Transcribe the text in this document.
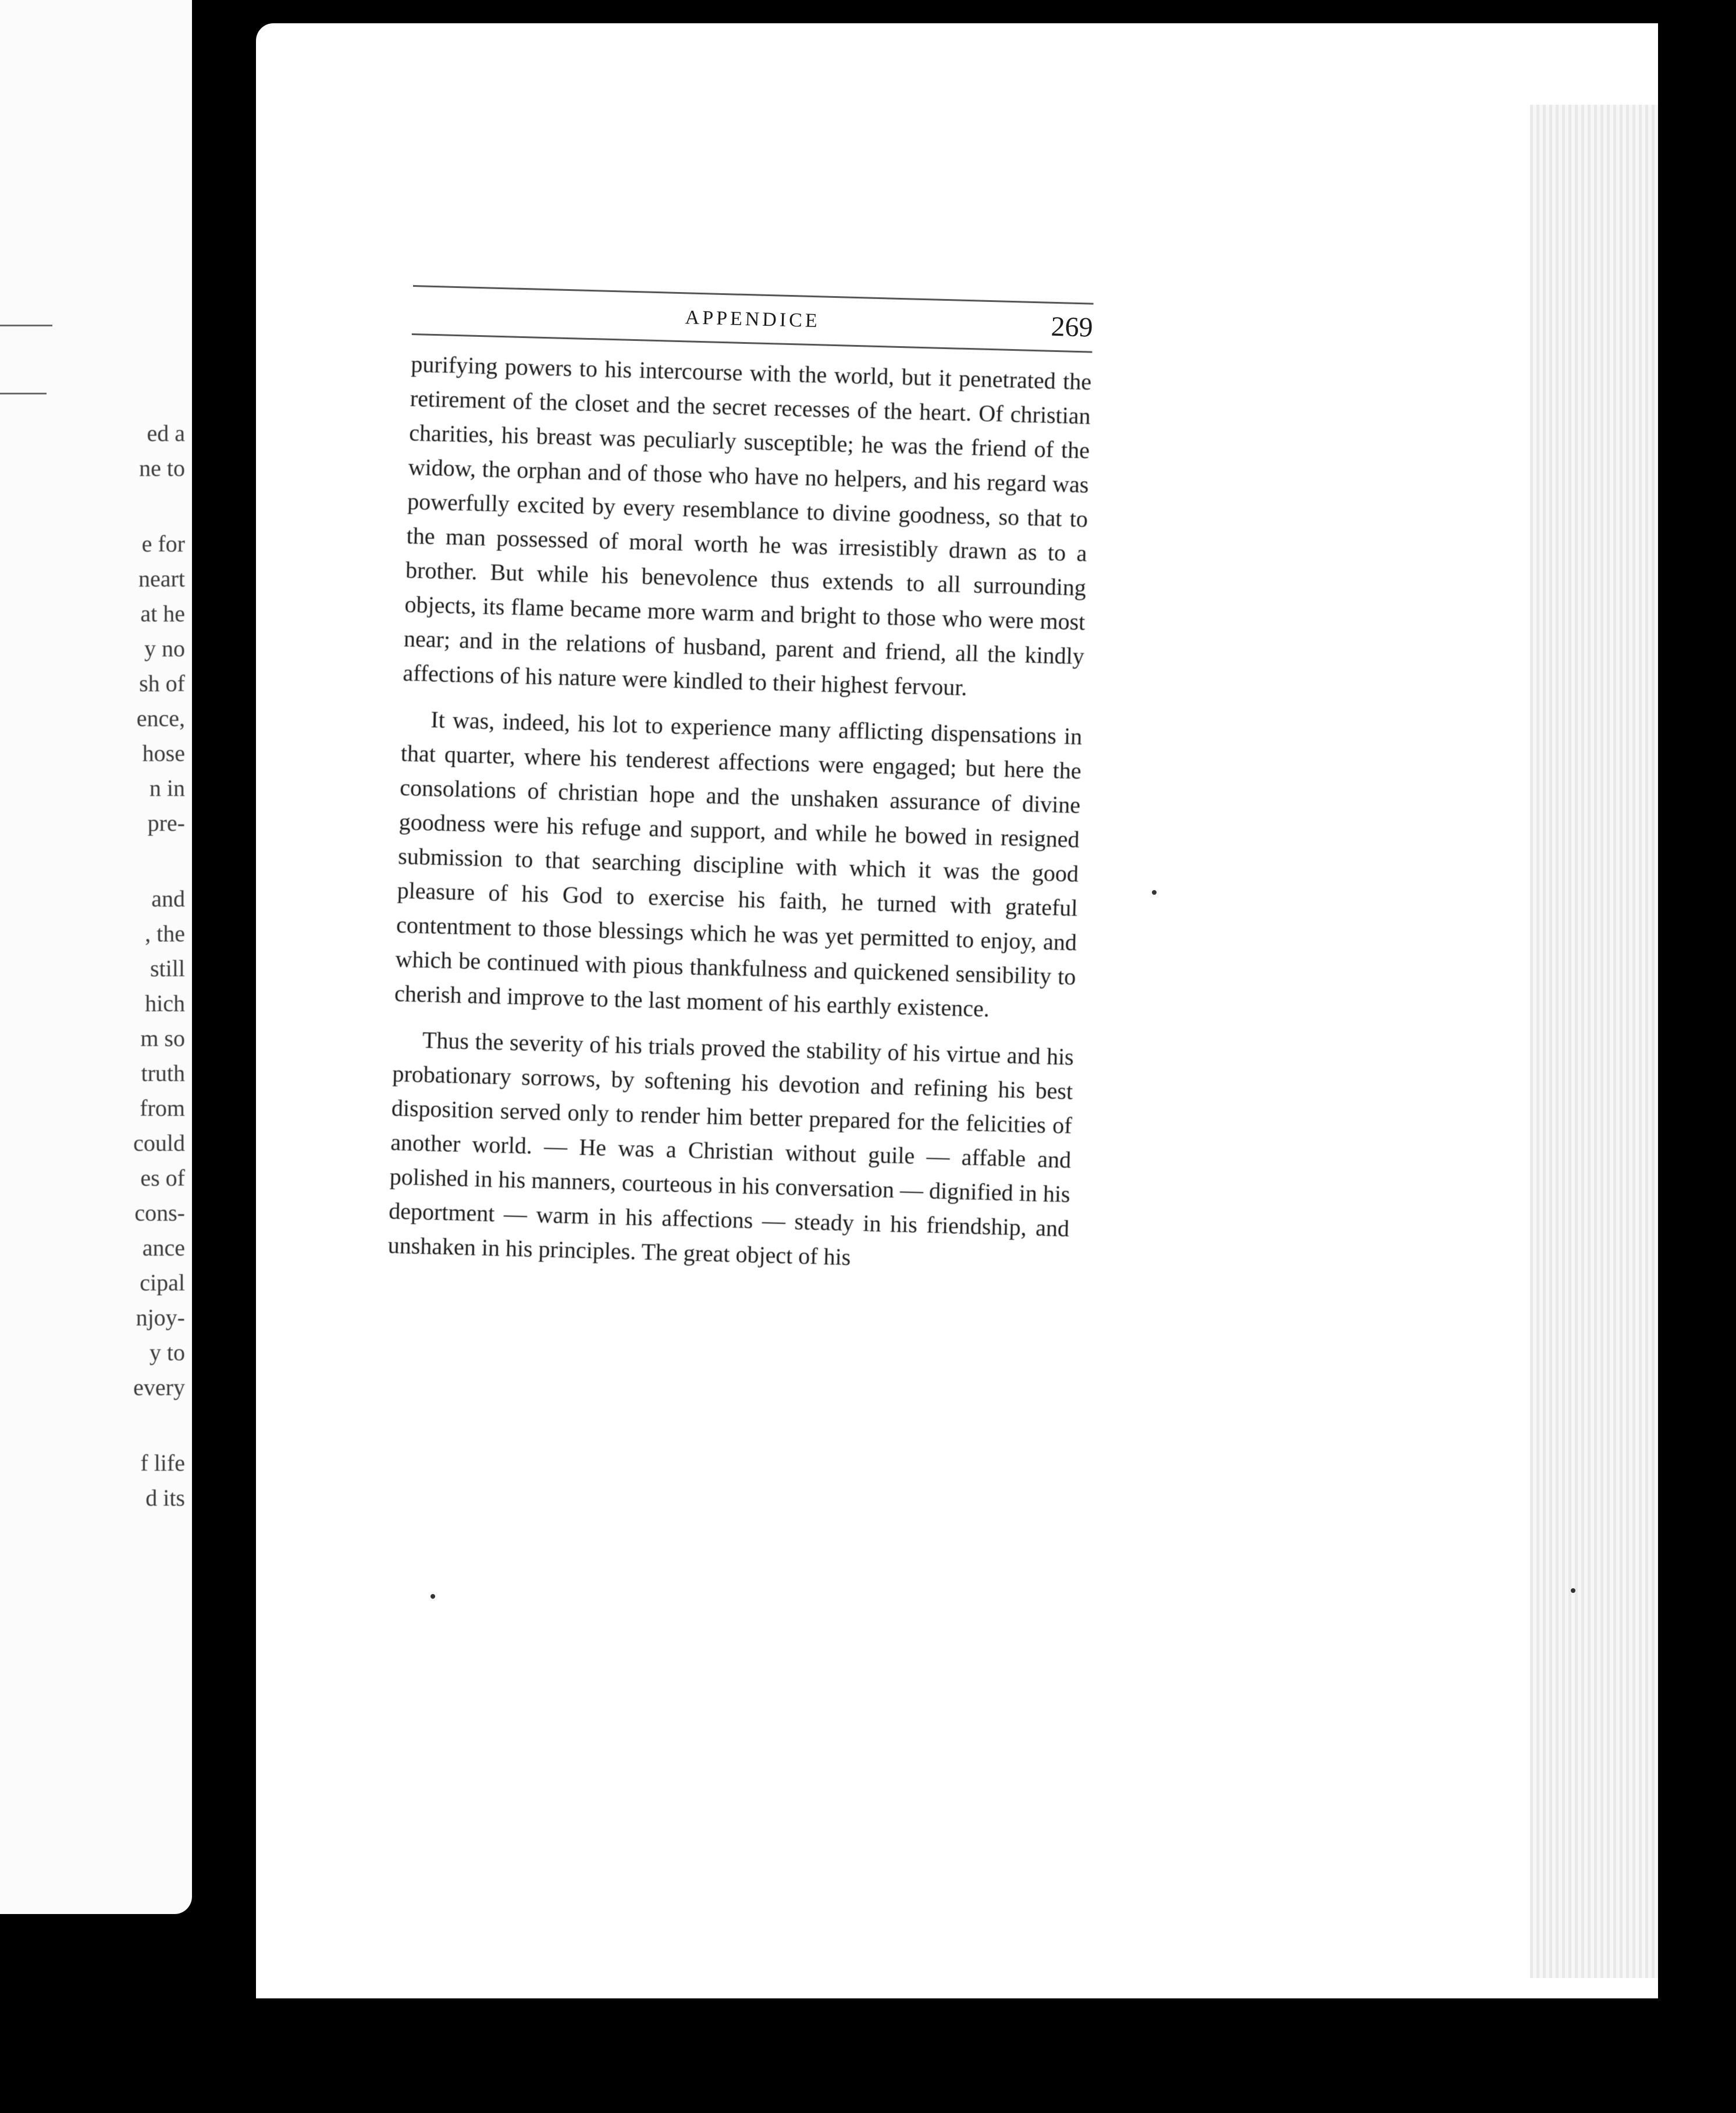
ed a
ne to
e for
neart
at he
y no
sh of
ence,
hose
n in
pre-
and
, the
still
hich
m so
truth
from
could
es of
cons-
ance
cipal
njoy-
y to
every
f life
d its
APPENDICE	269

purifying powers to his intercourse with the world, but it penetrated the retirement of the closet and the secret recesses of the heart. Of christian charities, his breast was peculiarly susceptible; he was the friend of the widow, the orphan and of those who have no helpers, and his regard was powerfully excited by every resemblance to divine goodness, so that to the man possessed of moral worth he was irresistibly drawn as to a brother. But while his benevolence thus extends to all surrounding objects, its flame became more warm and bright to those who were most near; and in the relations of husband, parent and friend, all the kindly affections of his nature were kindled to their highest fervour.

It was, indeed, his lot to experience many afflicting dispensations in that quarter, where his tenderest affections were engaged; but here the consolations of christian hope and the unshaken assurance of divine goodness were his refuge and support, and while he bowed in resigned submission to that searching discipline with which it was the good pleasure of his God to exercise his faith, he turned with grateful contentment to those blessings which he was yet permitted to enjoy, and which be continued with pious thankfulness and quickened sensibility to cherish and improve to the last moment of his earthly existence.

Thus the severity of his trials proved the stability of his virtue and his probationary sorrows, by softening his devotion and refining his best disposition served only to render him better prepared for the felicities of another world. — He was a Christian without guile — affable and polished in his manners, courteous in his conversation — dignified in his deportment — warm in his affections — steady in his friendship, and unshaken in his principles. The great object of his
